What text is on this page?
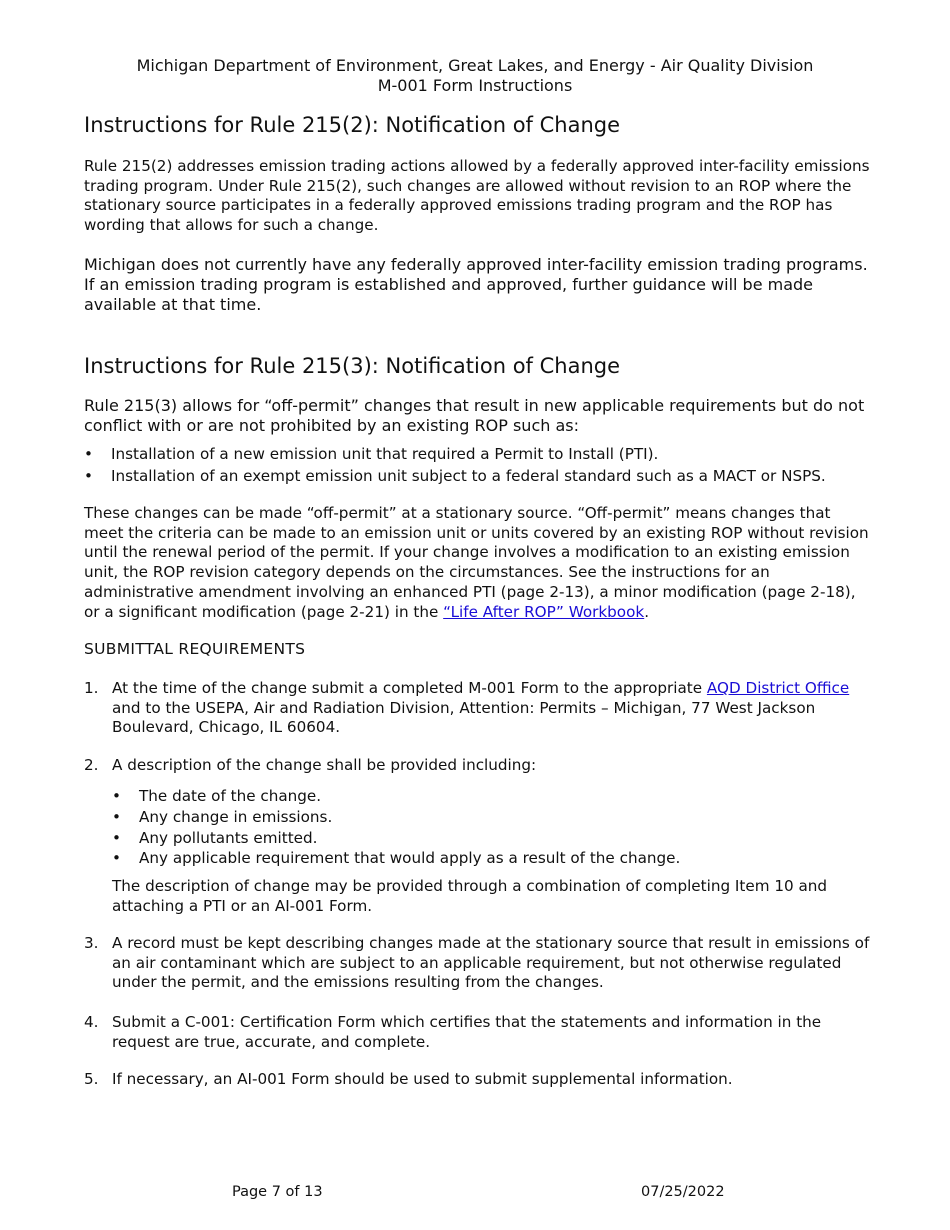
Michigan Department of Environment, Great Lakes, and Energy - Air Quality Division
M-001 Form Instructions
Instructions for Rule 215(2): Notification of Change

Rule 215(2) addresses emission trading actions allowed by a federally approved inter-facility emissions trading program. Under Rule 215(2), such changes are allowed without revision to an ROP where the stationary source participates in a federally approved emissions trading program and the ROP has wording that allows for such a change.

Michigan does not currently have any federally approved inter-facility emission trading programs. If an emission trading program is established and approved, further guidance will be made available at that time.

Instructions for Rule 215(3): Notification of Change

Rule 215(3) allows for “off-permit” changes that result in new applicable requirements but do not conflict with or are not prohibited by an existing ROP such as:

• Installation of a new emission unit that required a Permit to Install (PTI).
• Installation of an exempt emission unit subject to a federal standard such as a MACT or NSPS.

These changes can be made “off-permit” at a stationary source. “Off-permit” means changes that meet the criteria can be made to an emission unit or units covered by an existing ROP without revision until the renewal period of the permit. If your change involves a modification to an existing emission unit, the ROP revision category depends on the circumstances. See the instructions for an administrative amendment involving an enhanced PTI (page 2-13), a minor modification (page 2-18), or a significant modification (page 2-21) in the “Life After ROP” Workbook.

SUBMITTAL REQUIREMENTS
1. At the time of the change submit a completed M-001 Form to the appropriate AQD District Office and to the USEPA, Air and Radiation Division, Attention: Permits – Michigan, 77 West Jackson Boulevard, Chicago, IL 60604.
2. A description of the change shall be provided including:
• The date of the change.
• Any change in emissions.
• Any pollutants emitted.
• Any applicable requirement that would apply as a result of the change.

The description of change may be provided through a combination of completing Item 10 and attaching a PTI or an AI-001 Form.

3. A record must be kept describing changes made at the stationary source that result in emissions of an air contaminant which are subject to an applicable requirement, but not otherwise regulated under the permit, and the emissions resulting from the changes.
4. Submit a C-001: Certification Form which certifies that the statements and information in the request are true, accurate, and complete.
5. If necessary, an AI-001 Form should be used to submit supplemental information.
Page 7 of 13	07/25/2022
